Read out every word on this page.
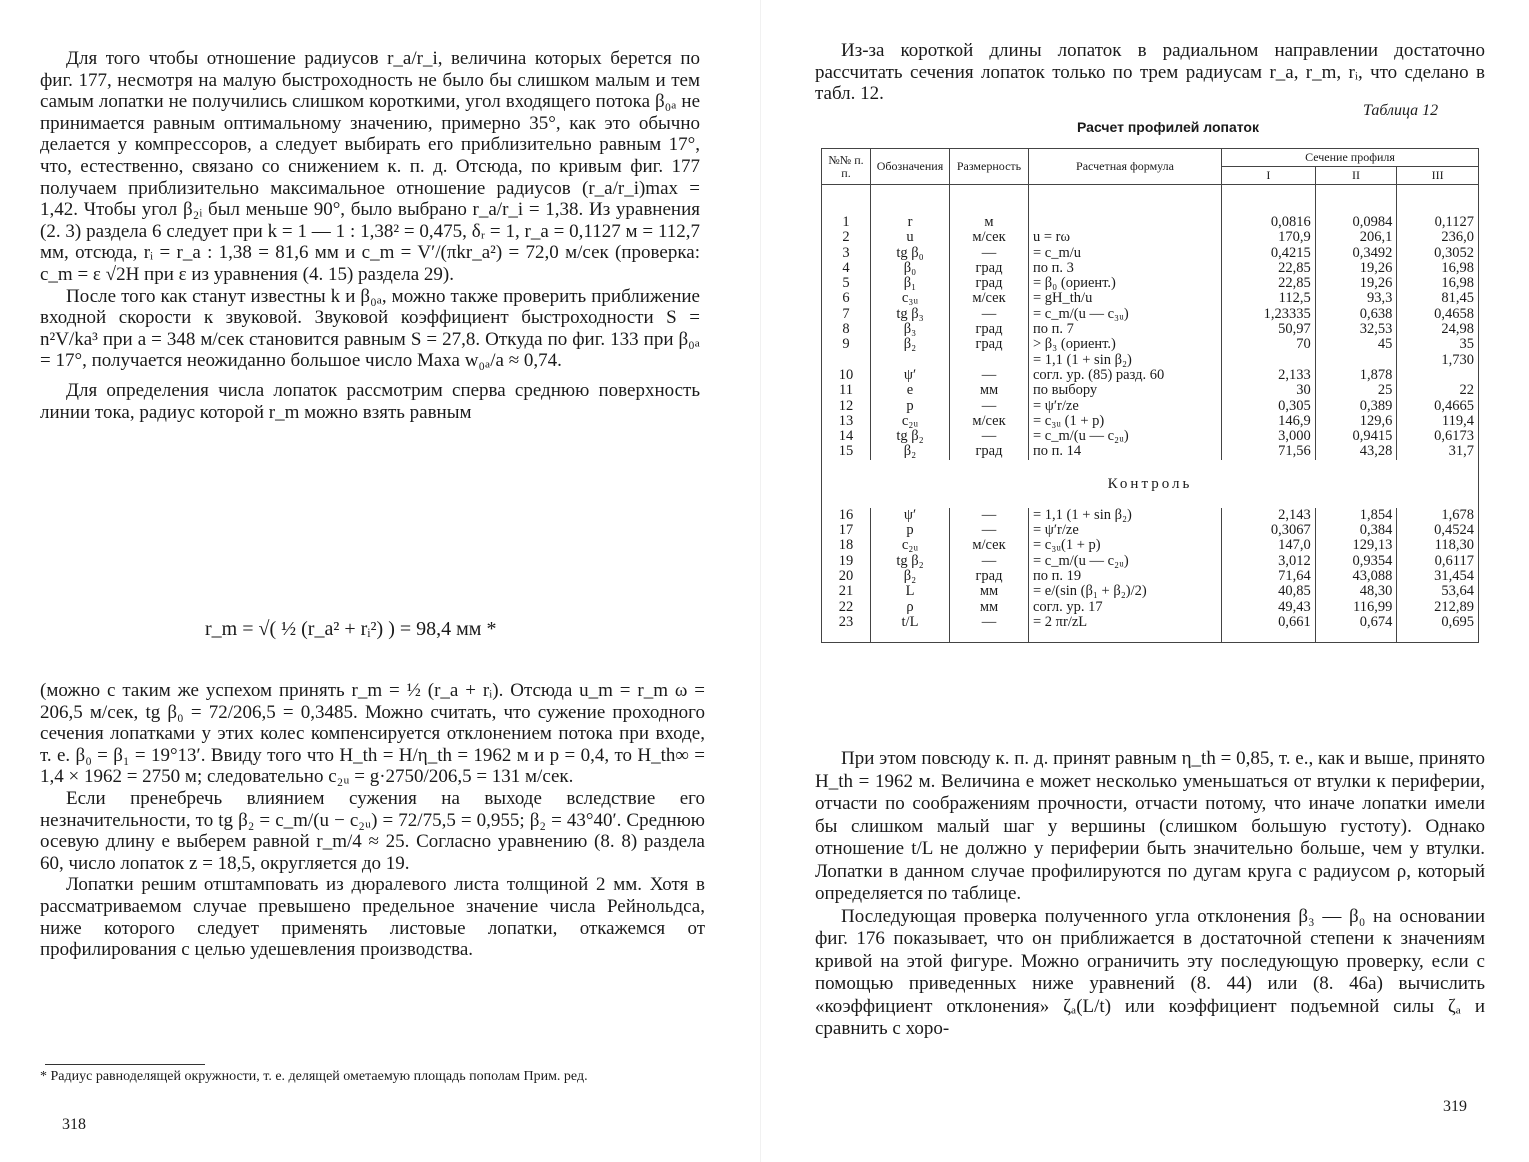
Для того чтобы отношение радиусов r_a/r_i, величина которых берется по фиг. 177, несмотря на малую быстроходность не было бы слишком малым и тем самым лопатки не получились слишком короткими, угол входящего потока β₀ₐ не принимается равным оптимальному значению, примерно 35°, как это обычно делается у компрессоров, а следует выбирать его приблизительно равным 17°, что, естественно, связано со снижением к. п. д. Отсюда, по кривым фиг. 177 получаем приблизительно максимальное отношение радиусов (r_a/r_i)max = 1,42. Чтобы угол β₂ᵢ был меньше 90°, было выбрано r_a/r_i = 1,38. Из уравнения (2. 3) раздела 6 следует при k = 1 — 1 : 1,38² = 0,475, δᵣ = 1, r_a = 0,1127 м = 112,7 мм, отсюда, rᵢ = r_a : 1,38 = 81,6 мм и c_m = V′/(πkr_a²) = 72,0 м/сек (проверка: c_m = ε √2H при ε из уравнения (4. 15) раздела 29).

После того как станут известны k и β₀ₐ, можно также проверить приближение входной скорости к звуковой. Звуковой коэффициент быстроходности S = n²V/ka³ при a = 348 м/сек становится равным S = 27,8. Откуда по фиг. 133 при β₀ₐ = 17°, получается неожиданно большое число Маха w₀ₐ/a ≈ 0,74.

Для определения числа лопаток рассмотрим сперва среднюю поверхность линии тока, радиус которой r_m можно взять равным

r_m = √( ½ (r_a² + rᵢ²) ) = 98,4 мм *

(можно с таким же успехом принять r_m = ½ (r_a + rᵢ). Отсюда u_m = r_m ω = 206,5 м/сек, tg β₀ = 72/206,5 = 0,3485. Можно считать, что сужение проходного сечения лопатками у этих колес компенсируется отклонением потока при входе, т. е. β₀ = β₁ = 19°13′. Ввиду того что H_th = H/η_th = 1962 м и p = 0,4, то H_th∞ = 1,4 × 1962 = 2750 м; следовательно c₂ᵤ = g·2750/206,5 = 131 м/сек.

Если пренебречь влиянием сужения на выходе вследствие его незначительности, то tg β₂ = c_m/(u − c₂ᵤ) = 72/75,5 = 0,955; β₂ = 43°40′. Среднюю осевую длину e выберем равной r_m/4 ≈ 25. Согласно уравнению (8. 8) раздела 60, число лопаток z = 18,5, округляется до 19.

Лопатки решим отштамповать из дюралевого листа толщиной 2 мм. Хотя в рассматриваемом случае превышено предельное значение числа Рейнольдса, ниже которого следует применять листовые лопатки, откажемся от профилирования с целью удешевления производства.

* Радиус равноделящей окружности, т. е. делящей ометаемую площадь пополам Прим. ред.
318

Из-за короткой длины лопаток в радиальном направлении достаточно рассчитать сечения лопаток только по трем радиусам r_a, r_m, rᵢ, что сделано в табл. 12.

Таблица 12
Расчет профилей лопаток
№№ п. п.	Обозначения	Размерность	Расчетная формула	Сечение профиля		
				I	II	III

1	r	м		0,0816	0,0984	0,1127
2	u	м/сек	u = rω	170,9	206,1	236,0
3	tg β₀	—	= c_m/u	0,4215	0,3492	0,3052
4	β₀	град	по п. 3	22,85	19,26	16,98
5	β₁	град	= β₀ (ориент.)	22,85	19,26	16,98
6	c₃ᵤ	м/сек	= gH_th/u	112,5	93,3	81,45
7	tg β₃	—	= c_m/(u — c₃ᵤ)	1,23335	0,638	0,4658
8	β₃	град	по п. 7	50,97	32,53	24,98
9	β₂	град	> β₃ (ориент.)	70	45	35
			= 1,1 (1 + sin β₂)			1,730
10	ψ′	—	согл. ур. (85) разд. 60	2,133	1,878	
11	e	мм	по выбору	30	25	22
12	p	—	= ψ′r/ze	0,305	0,389	0,4665
13	c₂ᵤ	м/сек	= c₃ᵤ (1 + p)	146,9	129,6	119,4
14	tg β₂	—	= c_m/(u — c₂ᵤ)	3,000	0,9415	0,6173
15	β₂	град	по п. 14	71,56	43,28	31,7
Контроль						
16	ψ′	—	= 1,1 (1 + sin β₂)	2,143	1,854	1,678
17	p	—	= ψ′r/ze	0,3067	0,384	0,4524
18	c₂ᵤ	м/сек	= c₃ᵤ(1 + p)	147,0	129,13	118,30
19	tg β₂	—	= c_m/(u — c₂ᵤ)	3,012	0,9354	0,6117
20	β₂	град	по п. 19	71,64	43,088	31,454
21	L	мм	= e/(sin (β₁ + β₂)/2)	40,85	48,30	53,64
22	ρ	мм	согл. ур. 17	49,43	116,99	212,89
23	t/L	—	= 2 πr/zL	0,661	0,674	0,695

При этом повсюду к. п. д. принят равным η_th = 0,85, т. е., как и выше, принято H_th = 1962 м. Величина e может несколько уменьшаться от втулки к периферии, отчасти по соображениям прочности, отчасти потому, что иначе лопатки имели бы слишком малый шаг у вершины (слишком большую густоту). Однако отношение t/L не должно у периферии быть значительно больше, чем у втулки. Лопатки в данном случае профилируются по дугам круга с радиусом ρ, который определяется по таблице.

Последующая проверка полученного угла отклонения β₃ — β₀ на основании фиг. 176 показывает, что он приближается в достаточной степени к значениям кривой на этой фигуре. Можно ограничить эту последующую проверку, если с помощью приведенных ниже уравнений (8. 44) или (8. 46a) вычислить «коэффициент отклонения» ζₐ(L/t) или коэффициент подъемной силы ζₐ и сравнить с хоро-

319
